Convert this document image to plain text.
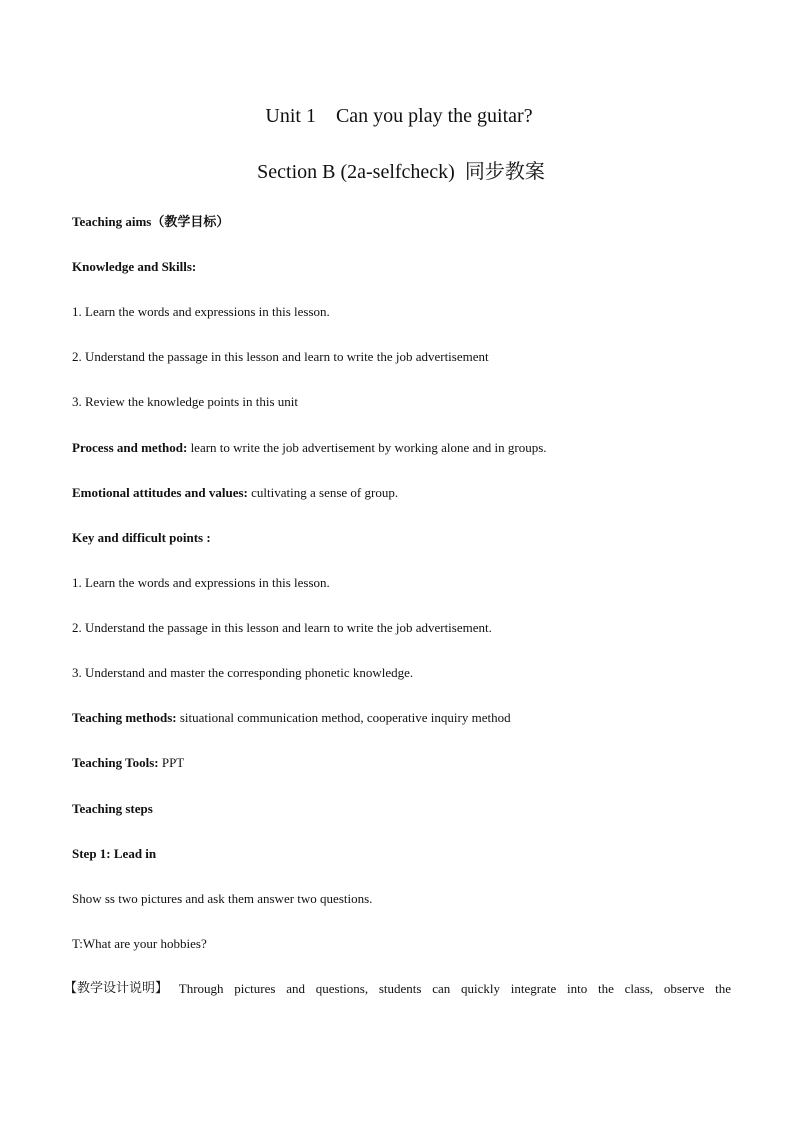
Unit 1    Can you play the guitar?
Section B (2a-selfcheck)  同步教案
Teaching aims（教学目标）
Knowledge and Skills:
1. Learn the words and expressions in this lesson.
2. Understand the passage in this lesson and learn to write the job advertisement
3. Review the knowledge points in this unit
Process and method: learn to write the job advertisement by working alone and in groups.
Emotional attitudes and values: cultivating a sense of group.
Key and difficult points :
1. Learn the words and expressions in this lesson.
2. Understand the passage in this lesson and learn to write the job advertisement.
3. Understand and master the corresponding phonetic knowledge.
Teaching methods: situational communication method, cooperative inquiry method
Teaching Tools: PPT
Teaching steps
Step 1: Lead in
Show ss two pictures and ask them answer two questions.
T:What are your hobbies?
【教学设计说明】 Through pictures and questions, students can quickly integrate into the class, observe the
